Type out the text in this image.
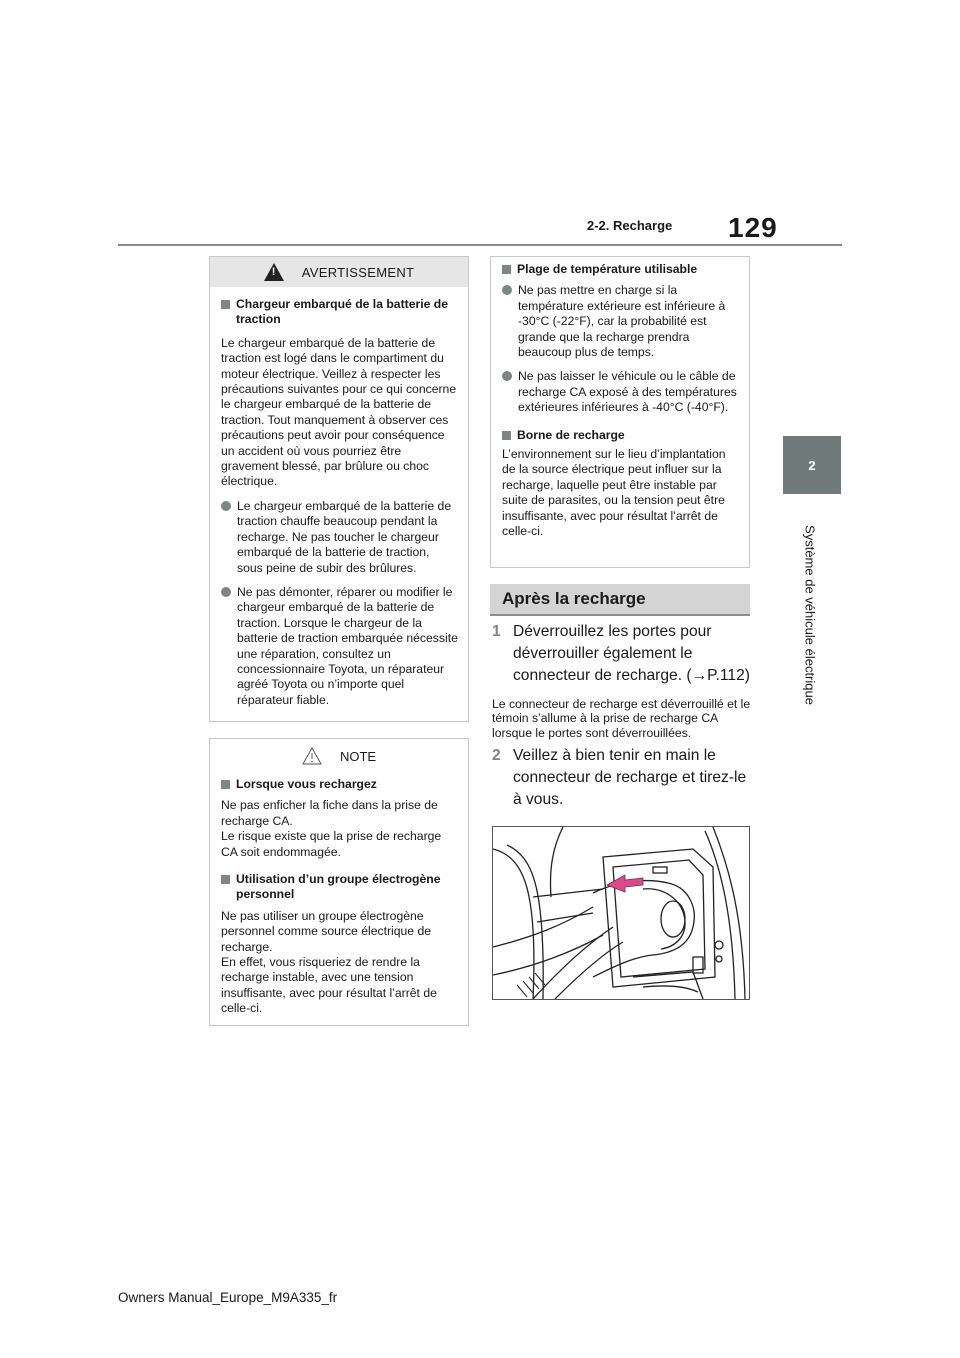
2-2. Recharge 129
2
Système de véhicule électrique
! AVERTISSEMENT
Chargeur embarqué de la batterie de traction
Le chargeur embarqué de la batterie de traction est logé dans le compartiment du moteur électrique. Veillez à respecter les précautions suivantes pour ce qui concerne le chargeur embarqué de la batterie de traction. Tout manquement à observer ces précautions peut avoir pour conséquence un accident où vous pourriez être gravement blessé, par brûlure ou choc électrique.
Le chargeur embarqué de la batterie de traction chauffe beaucoup pendant la recharge. Ne pas toucher le chargeur embarqué de la batterie de traction, sous peine de subir des brûlures.
Ne pas démonter, réparer ou modifier le chargeur embarqué de la batterie de traction. Lorsque le chargeur de la batterie de traction embarquée nécessite une réparation, consultez un concessionnaire Toyota, un réparateur agréé Toyota ou n’importe quel réparateur fiable.
NOTE
Lorsque vous rechargez
Ne pas enficher la fiche dans la prise de recharge CA.
Le risque existe que la prise de recharge CA soit endommagée.
Utilisation d’un groupe électrogène personnel
Ne pas utiliser un groupe électrogène personnel comme source électrique de recharge.
En effet, vous risqueriez de rendre la recharge instable, avec une tension insuffisante, avec pour résultat l’arrêt de celle-ci.
Plage de température utilisable
Ne pas mettre en charge si la température extérieure est inférieure à -30°C (-22°F), car la probabilité est grande que la recharge prendra beaucoup plus de temps.
Ne pas laisser le véhicule ou le câble de recharge CA exposé à des températures extérieures inférieures à -40°C (-40°F).
Borne de recharge
L’environnement sur le lieu d’implantation de la source électrique peut influer sur la recharge, laquelle peut être instable par suite de parasites, ou la tension peut être insuffisante, avec pour résultat l’arrêt de celle-ci.
Après la recharge
1 Déverrouillez les portes pour déverrouiller également le connecteur de recharge. (→P.112)
Le connecteur de recharge est déverrouillé et le témoin s’allume à la prise de recharge CA lorsque le portes sont déverrouillées.
2 Veillez à bien tenir en main le connecteur de recharge et tirez-le à vous.
Owners Manual_Europe_M9A335_fr
